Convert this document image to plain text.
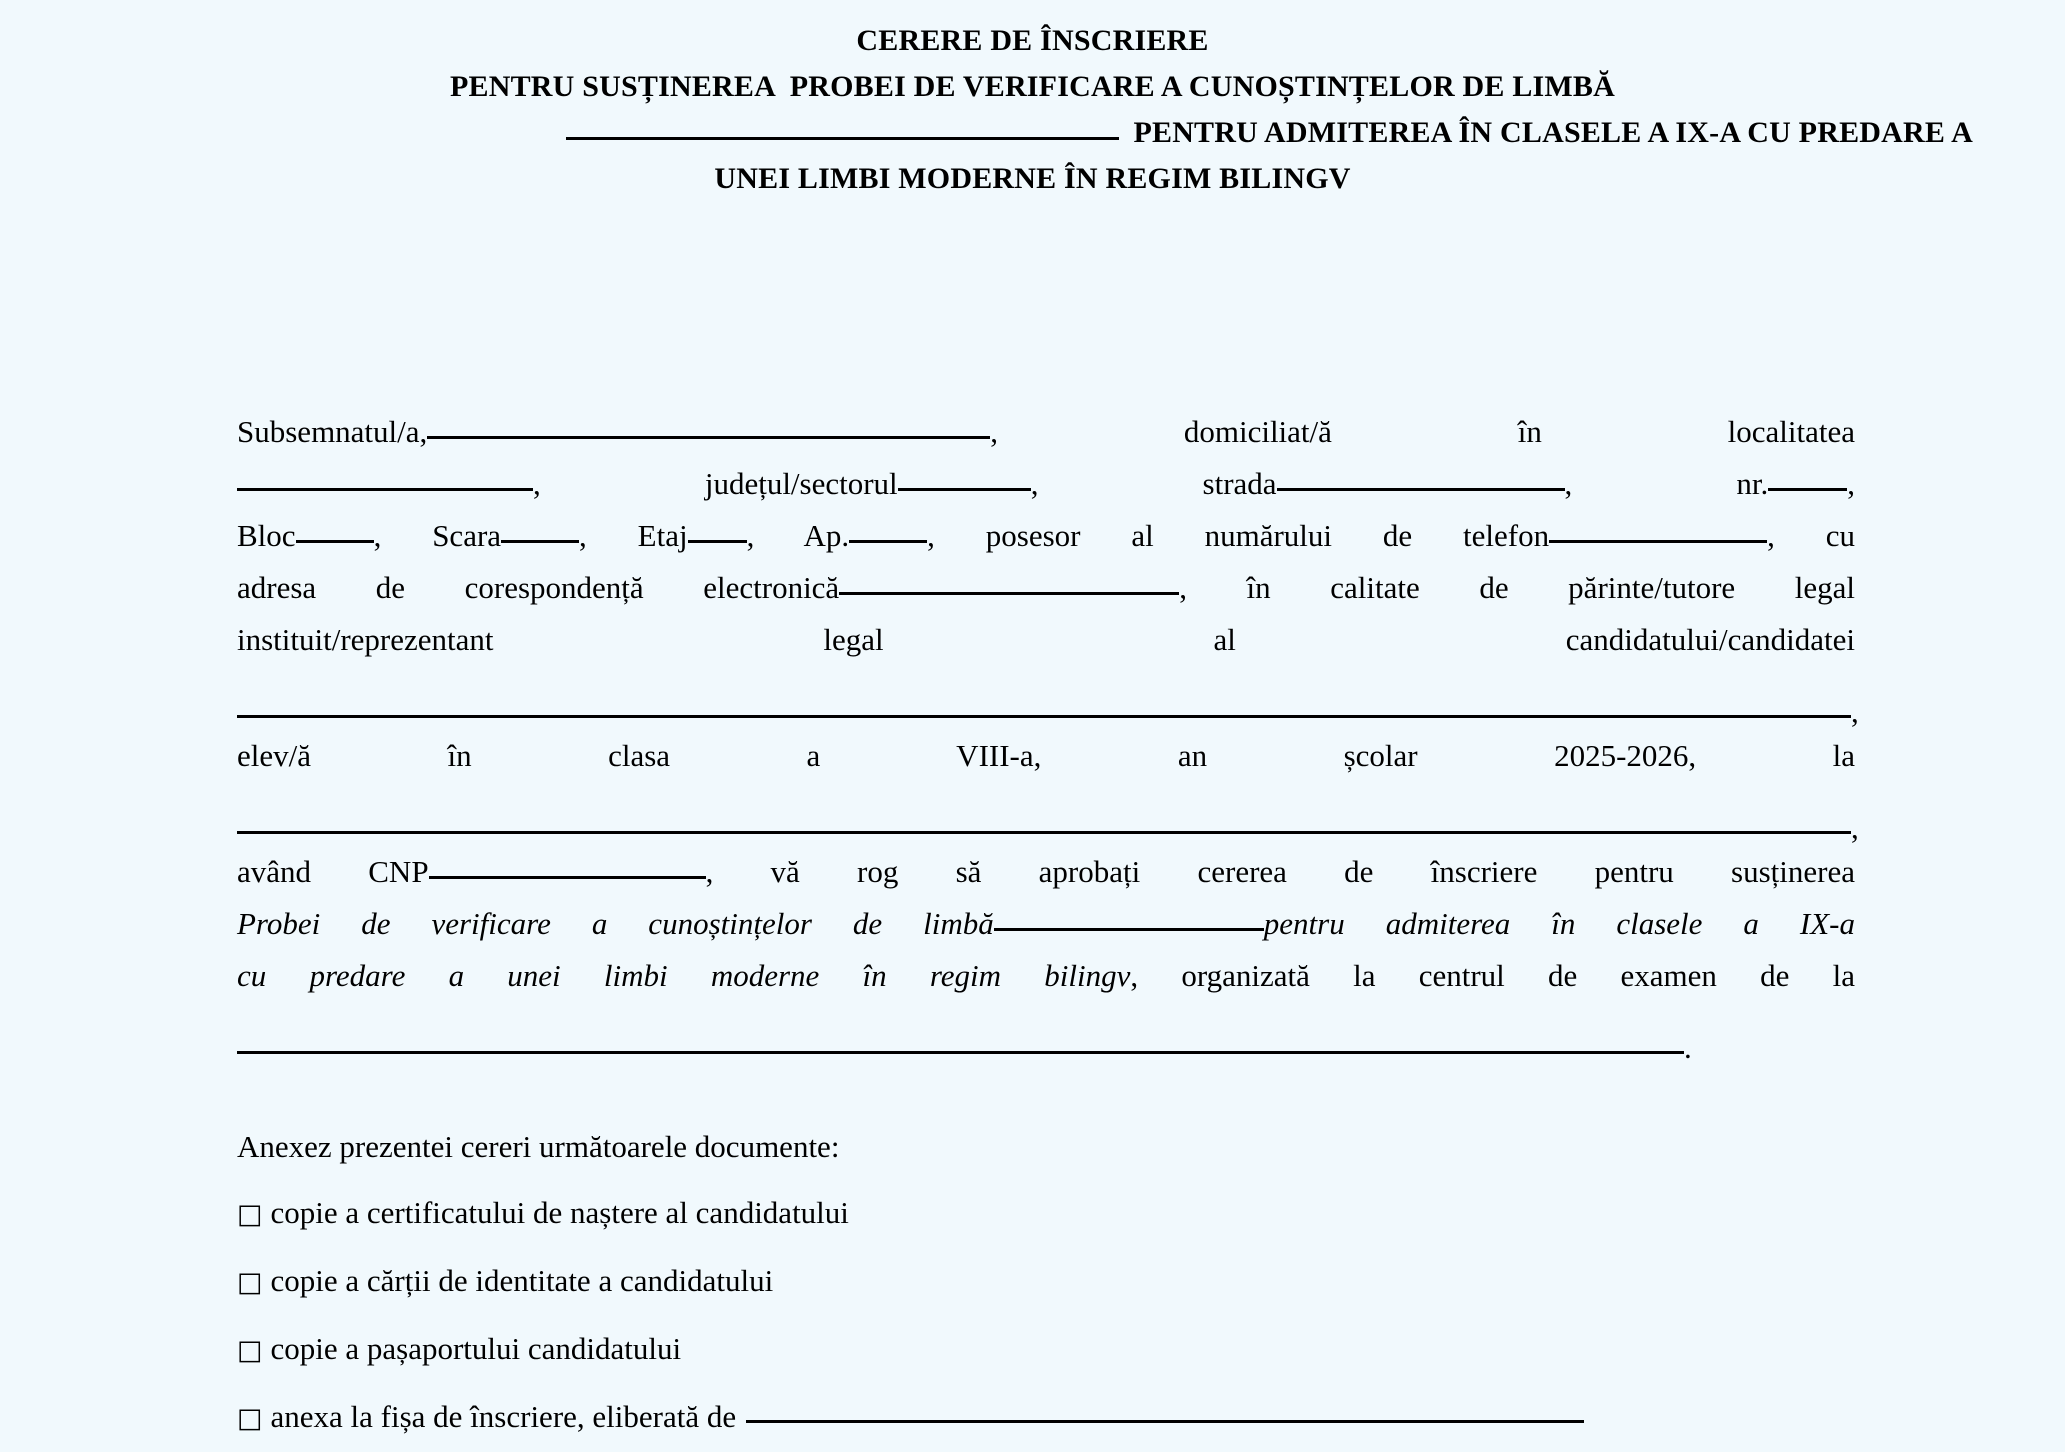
CERERE DE ÎNSCRIERE
PENTRU SUSȚINEREA  PROBEI DE VERIFICARE A CUNOȘTINȚELOR DE LIMBĂ
PENTRU ADMITEREA ÎN CLASELE A IX-A CU PREDARE A
UNEI LIMBI MODERNE ÎN REGIM BILINGV
Subsemnatul/a,	, domiciliat/ă în localitatea
, județul/sectorul	, strada	, nr.	,
Bloc	, Scara	, Etaj , Ap.	, posesor al numărului de telefon	, cu
adresa de corespondență electronică	, în calitate de părinte/tutore legal
instituit/reprezentant legal al candidatului/candidatei
,
elev/ă în clasa a VIII-a, an școlar 2025-2026, la
,
având CNP	, vă rog să aprobați cererea de înscriere pentru susținerea
Probei de verificare a cunoștințelor de limbă	pentru admiterea în clasele a IX-a
cu predare a unei limbi moderne în regim bilingv, organizată la centrul de examen de la
.
Anexez prezentei cereri următoarele documente:
□ copie a certificatului de naștere al candidatului
□ copie a cărții de identitate a candidatului
□ copie a pașaportului candidatului
□ anexa la fișa de înscriere, eliberată de
